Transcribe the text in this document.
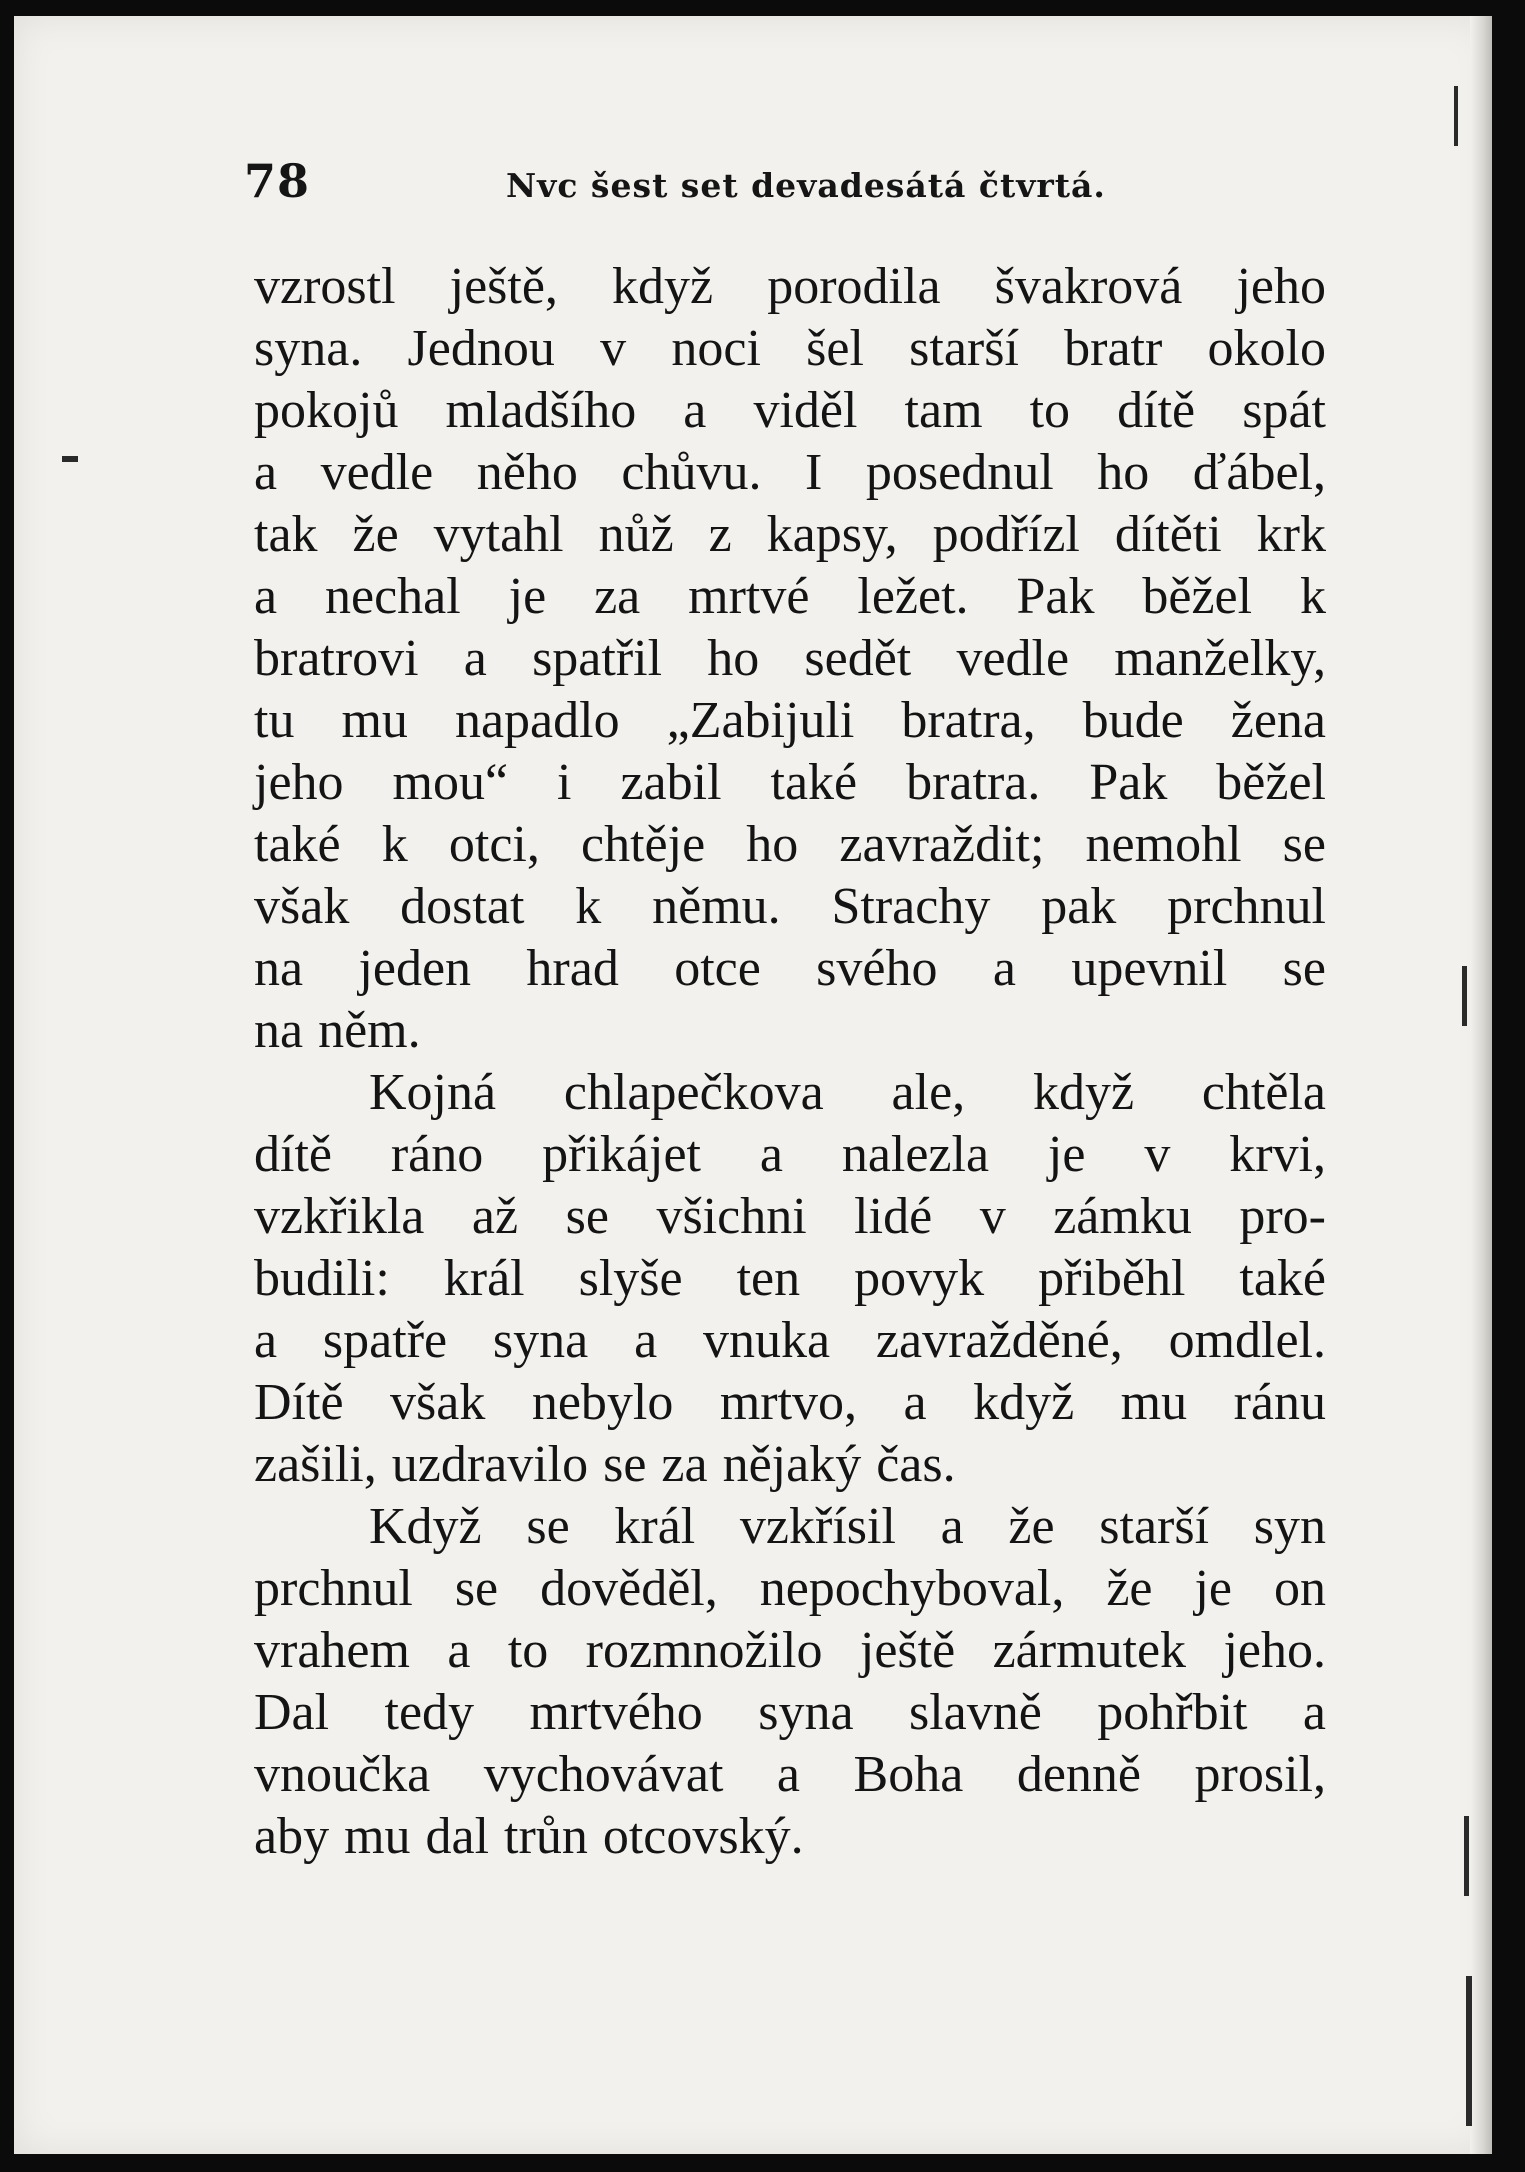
78	Nvc šest set devadesátá čtvrtá.
vzrostl ještě, když porodila švakrová jeho
syna. Jednou v noci šel starší bratr okolo
pokojů mladšího a viděl tam to dítě spát
a vedle něho chůvu. I posednul ho ďábel,
tak že vytahl nůž z kapsy, podřízl dítěti krk
a nechal je za mrtvé ležet. Pak běžel k
bratrovi a spatřil ho sedět vedle manželky,
tu mu napadlo „Zabijuli bratra, bude žena
jeho mou“ i zabil také bratra. Pak běžel
také k otci, chtěje ho zavraždit; nemohl se
však dostat k němu. Strachy pak prchnul
na jeden hrad otce svého a upevnil se
na něm.
Kojná chlapečkova ale, když chtěla
dítě ráno přikájet a nalezla je v krvi,
vzkřikla až se všichni lidé v zámku pro-
budili: král slyše ten povyk přiběhl také
a spatře syna a vnuka zavražděné, omdlel.
Dítě však nebylo mrtvo, a když mu ránu
zašili, uzdravilo se za nějaký čas.
Když se král vzkřísil a že starší syn
prchnul se dověděl, nepochyboval, že je on
vrahem a to rozmnožilo ještě zármutek jeho.
Dal tedy mrtvého syna slavně pohřbit a
vnoučka vychovávat a Boha denně prosil,
aby mu dal trůn otcovský.
